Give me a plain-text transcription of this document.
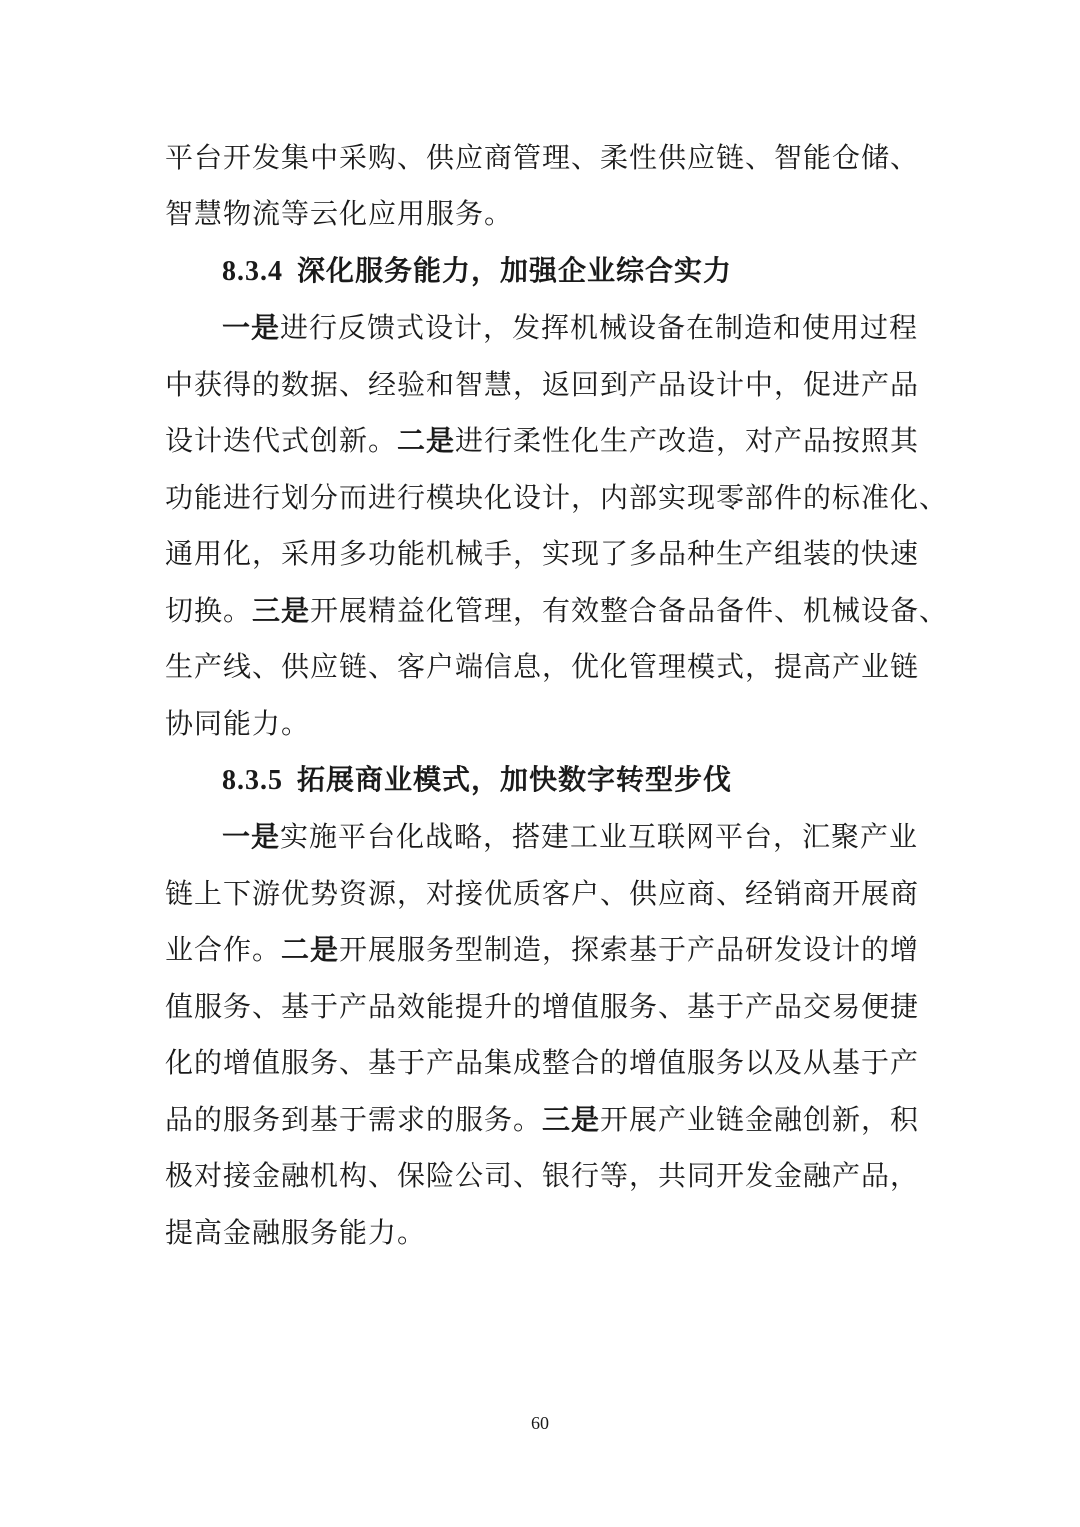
平台开发集中采购、供应商管理、柔性供应链、智能仓储、
智慧物流等云化应用服务。
8.3.4 深化服务能力，加强企业综合实力
一是进行反馈式设计，发挥机械设备在制造和使用过程
中获得的数据、经验和智慧，返回到产品设计中，促进产品
设计迭代式创新。二是进行柔性化生产改造，对产品按照其
功能进行划分而进行模块化设计，内部实现零部件的标准化、
通用化，采用多功能机械手，实现了多品种生产组装的快速
切换。三是开展精益化管理，有效整合备品备件、机械设备、
生产线、供应链、客户端信息，优化管理模式，提高产业链
协同能力。
8.3.5 拓展商业模式，加快数字转型步伐
一是实施平台化战略，搭建工业互联网平台，汇聚产业
链上下游优势资源，对接优质客户、供应商、经销商开展商
业合作。二是开展服务型制造，探索基于产品研发设计的增
值服务、基于产品效能提升的增值服务、基于产品交易便捷
化的增值服务、基于产品集成整合的增值服务以及从基于产
品的服务到基于需求的服务。三是开展产业链金融创新，积
极对接金融机构、保险公司、银行等，共同开发金融产品，
提高金融服务能力。
60
